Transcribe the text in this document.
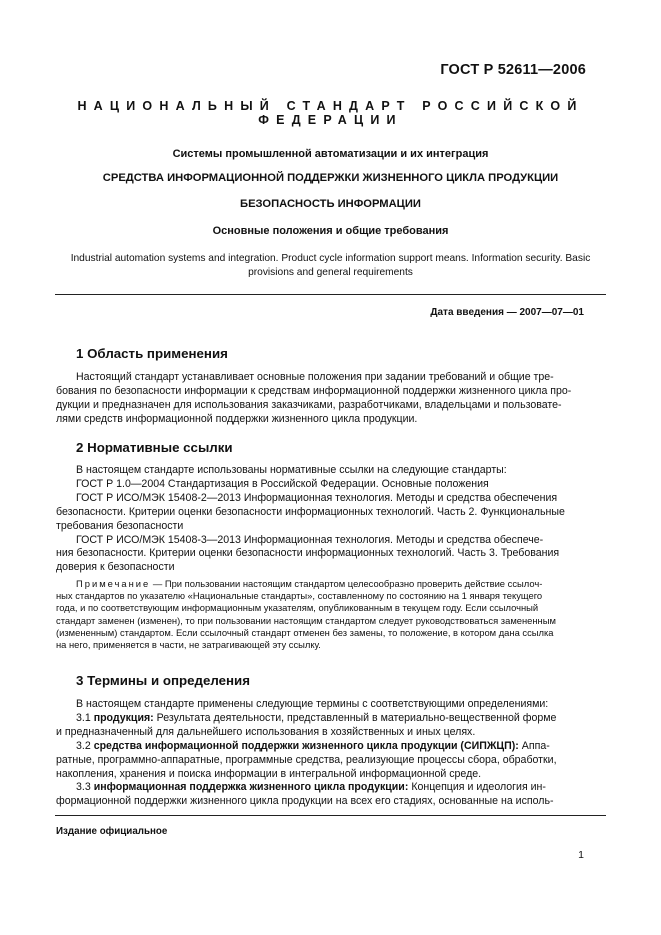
ГОСТ Р 52611—2006
НАЦИОНАЛЬНЫЙ СТАНДАРТ РОССИЙСКОЙ ФЕДЕРАЦИИ
Системы промышленной автоматизации и их интеграция
СРЕДСТВА ИНФОРМАЦИОННОЙ ПОДДЕРЖКИ ЖИЗНЕННОГО ЦИКЛА ПРОДУКЦИИ
БЕЗОПАСНОСТЬ ИНФОРМАЦИИ
Основные положения и общие требования
Industrial automation systems and integration. Product cycle information support means. Information security. Basic
provisions and general requirements
Дата введения — 2007—07—01
1 Область применения
Настоящий стандарт устанавливает основные положения при задании требований и общие тре-
бования по безопасности информации к средствам информационной поддержки жизненного цикла про-
дукции и предназначен для использования заказчиками, разработчиками, владельцами и пользовате-
лями средств информационной поддержки жизненного цикла продукции.
2 Нормативные ссылки
В настоящем стандарте использованы нормативные ссылки на следующие стандарты:
ГОСТ Р 1.0—2004 Стандартизация в Российской Федерации. Основные положения
ГОСТ Р ИСО/МЭК 15408-2—2013 Информационная технология. Методы и средства обеспечения
безопасности. Критерии оценки безопасности информационных технологий. Часть 2. Функциональные
требования безопасности
ГОСТ Р ИСО/МЭК 15408-3—2013 Информационная технология. Методы и средства обеспече-
ния безопасности. Критерии оценки безопасности информационных технологий. Часть 3. Требования
доверия к безопасности
Примечание — При пользовании настоящим стандартом целесообразно проверить действие ссылоч-
ных стандартов по указателю «Национальные стандарты», составленному по состоянию на 1 января текущего
года, и по соответствующим информационным указателям, опубликованным в текущем году. Если ссылочный
стандарт заменен (изменен), то при пользовании настоящим стандартом следует руководствоваться замененным
(измененным) стандартом. Если ссылочный стандарт отменен без замены, то положение, в котором дана ссылка
на него, применяется в части, не затрагивающей эту ссылку.
3 Термины и определения
В настоящем стандарте применены следующие термины с соответствующими определениями:
3.1 продукция: Результата деятельности, представленный в материально-вещественной форме
и предназначенный для дальнейшего использования в хозяйственных и иных целях.
3.2 средства информационной поддержки жизненного цикла продукции (СИПЖЦП): Аппа-
ратные, программно-аппаратные, программные средства, реализующие процессы сбора, обработки,
накопления, хранения и поиска информации в интегральной информационной среде.
3.3 информационная поддержка жизненного цикла продукции: Концепция и идеология ин-
формационной поддержки жизненного цикла продукции на всех его стадиях, основанные на исполь-
Издание официальное
1
